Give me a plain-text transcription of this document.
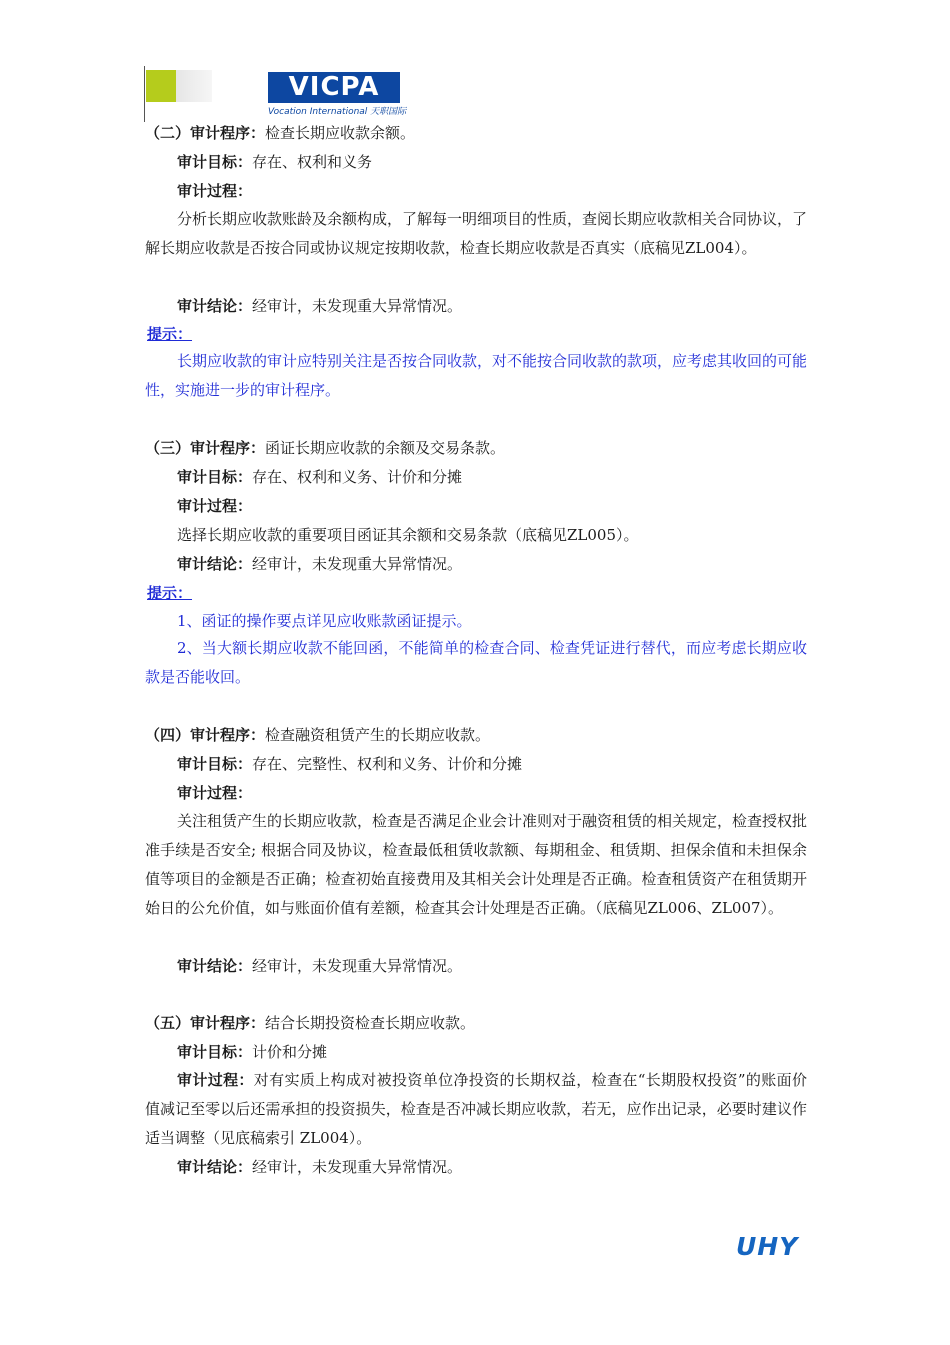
VICPA
Vocation International 天职国际
（二）审计程序：检查长期应收款余额。
审计目标：存在、权利和义务
审计过程：
分析长期应收款账龄及余额构成，了解每一明细项目的性质，查阅长期应收款相关合同协议，了解长期应收款是否按合同或协议规定按期收款，检查长期应收款是否真实（底稿见ZL004）。
审计结论：经审计，未发现重大异常情况。
提示：
长期应收款的审计应特别关注是否按合同收款，对不能按合同收款的款项，应考虑其收回的可能性，实施进一步的审计程序。
（三）审计程序：函证长期应收款的余额及交易条款。
审计目标：存在、权利和义务、计价和分摊
审计过程：
选择长期应收款的重要项目函证其余额和交易条款（底稿见ZL005）。
审计结论：经审计，未发现重大异常情况。
提示：
1、函证的操作要点详见应收账款函证提示。
2、当大额长期应收款不能回函，不能简单的检查合同、检查凭证进行替代，而应考虑长期应收款是否能收回。
（四）审计程序：检查融资租赁产生的长期应收款。
审计目标：存在、完整性、权利和义务、计价和分摊
审计过程：
关注租赁产生的长期应收款，检查是否满足企业会计准则对于融资租赁的相关规定，检查授权批准手续是否安全; 根据合同及协议，检查最低租赁收款额、每期租金、租赁期、担保余值和未担保余值等项目的金额是否正确；检查初始直接费用及其相关会计处理是否正确。检查租赁资产在租赁期开始日的公允价值，如与账面价值有差额，检查其会计处理是否正确。（底稿见ZL006、ZL007）。
审计结论：经审计，未发现重大异常情况。
（五）审计程序：结合长期投资检查长期应收款。
审计目标：计价和分摊
审计过程：对有实质上构成对被投资单位净投资的长期权益，检查在“长期股权投资”的账面价值减记至零以后还需承担的投资损失，检查是否冲减长期应收款，若无，应作出记录，必要时建议作适当调整（见底稿索引 ZL004）。
审计结论：经审计，未发现重大异常情况。
UHY
